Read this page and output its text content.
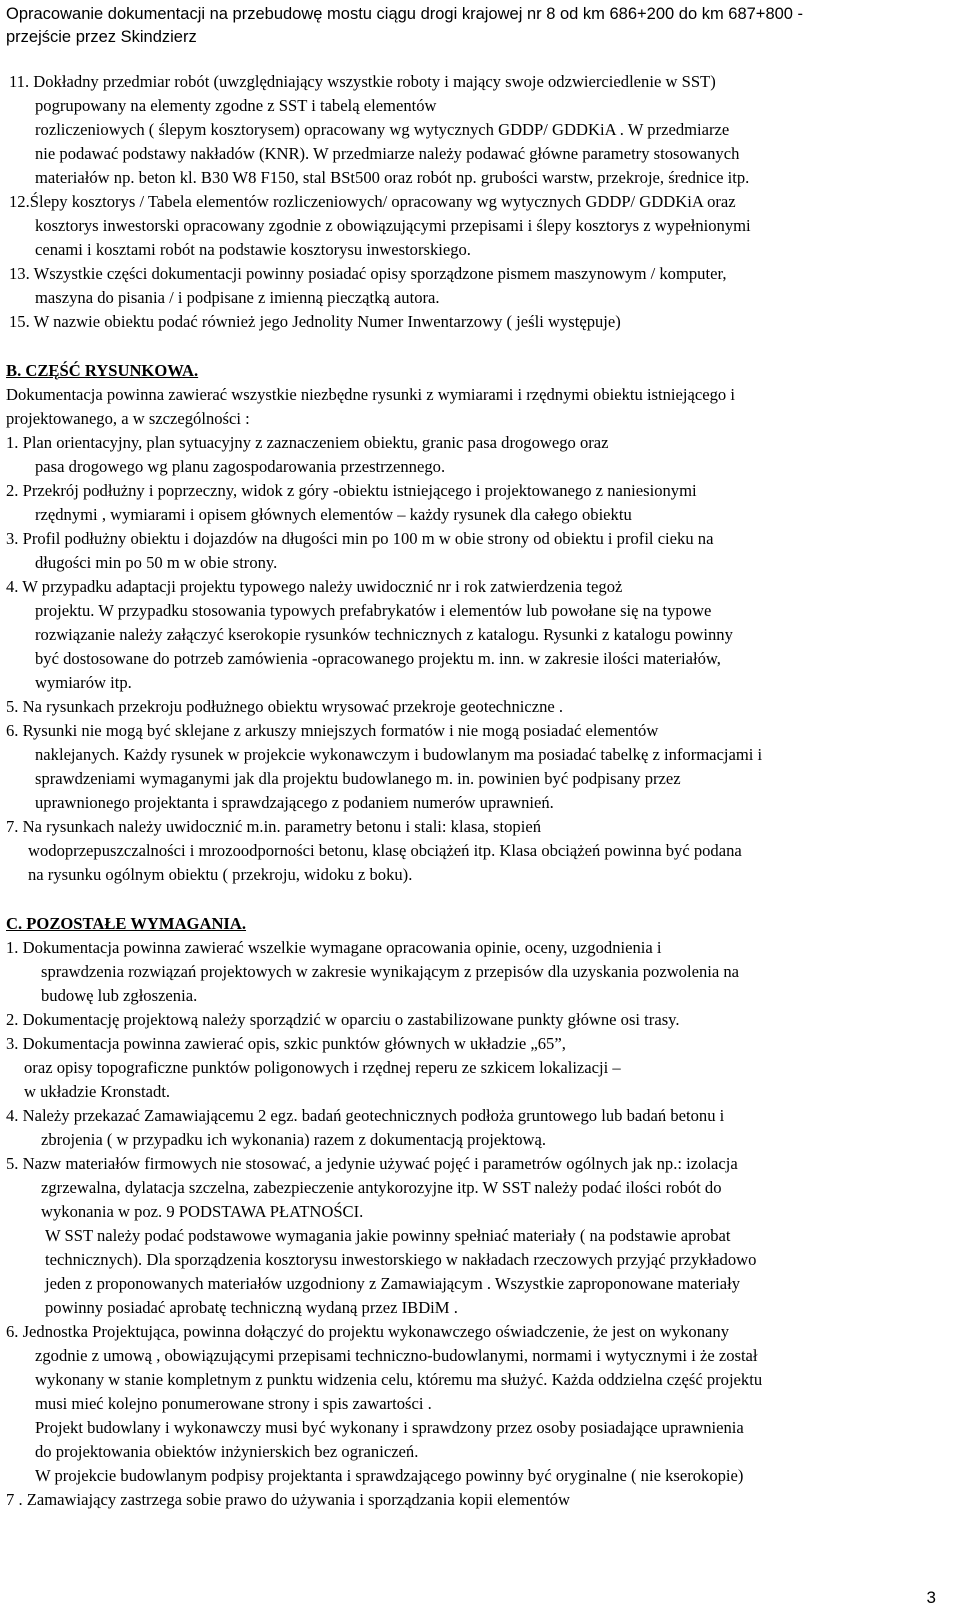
Opracowanie dokumentacji na przebudowę mostu ciągu drogi krajowej nr 8 od km 686+200 do km 687+800 -
przejście przez Skindzierz
11. Dokładny przedmiar robót (uwzględniający wszystkie roboty i mający swoje odzwierciedlenie w SST)
pogrupowany na elementy zgodne z SST i tabelą elementów
rozliczeniowych ( ślepym kosztorysem) opracowany wg wytycznych GDDP/ GDDKiA . W przedmiarze
nie podawać podstawy nakładów (KNR). W przedmiarze należy podawać główne parametry stosowanych
materiałów np. beton kl. B30 W8 F150, stal BSt500 oraz robót np. grubości warstw, przekroje, średnice itp.
12.Ślepy kosztorys / Tabela elementów rozliczeniowych/ opracowany wg wytycznych GDDP/ GDDKiA oraz
kosztorys inwestorski opracowany zgodnie z obowiązującymi przepisami i ślepy kosztorys z wypełnionymi
cenami i kosztami robót na podstawie kosztorysu inwestorskiego.
13. Wszystkie części dokumentacji powinny posiadać opisy sporządzone pismem maszynowym / komputer,
maszyna do pisania / i podpisane z imienną pieczątką autora.
15. W nazwie obiektu podać również jego Jednolity Numer Inwentarzowy ( jeśli występuje)
B. CZĘŚĆ RYSUNKOWA.
Dokumentacja powinna zawierać wszystkie niezbędne rysunki z wymiarami i rzędnymi obiektu istniejącego i
projektowanego, a w szczególności :
1. Plan orientacyjny, plan sytuacyjny z zaznaczeniem obiektu, granic pasa drogowego oraz
pasa drogowego wg planu zagospodarowania przestrzennego.
2. Przekrój podłużny i poprzeczny, widok z góry -obiektu istniejącego i projektowanego z naniesionymi
rzędnymi , wymiarami i opisem głównych elementów – każdy rysunek dla całego obiektu
3. Profil podłużny obiektu i dojazdów na długości min po 100 m w obie strony od obiektu i profil cieku na
długości min po 50 m w obie strony.
4. W przypadku adaptacji projektu typowego należy uwidocznić nr i rok zatwierdzenia tegoż
projektu. W przypadku stosowania typowych prefabrykatów i elementów lub powołane się na typowe
rozwiązanie należy załączyć kserokopie rysunków technicznych z katalogu. Rysunki z katalogu powinny
być dostosowane do potrzeb zamówienia -opracowanego projektu m. inn. w zakresie ilości materiałów,
wymiarów itp.
5. Na rysunkach przekroju podłużnego obiektu wrysować przekroje geotechniczne .
6. Rysunki nie mogą być sklejane z arkuszy mniejszych formatów i nie mogą posiadać elementów
naklejanych. Każdy rysunek w projekcie wykonawczym i budowlanym ma posiadać tabelkę z informacjami i
sprawdzeniami wymaganymi jak dla projektu budowlanego m. in. powinien być podpisany przez
uprawnionego projektanta i sprawdzającego z podaniem numerów uprawnień.
7. Na rysunkach należy uwidocznić m.in. parametry betonu i stali: klasa, stopień
wodoprzepuszczalności i mrozoodporności betonu, klasę obciążeń itp. Klasa obciążeń powinna być podana
na rysunku ogólnym obiektu ( przekroju, widoku z boku).
C. POZOSTAŁE WYMAGANIA.
1. Dokumentacja powinna zawierać wszelkie wymagane opracowania opinie, oceny, uzgodnienia i
sprawdzenia rozwiązań projektowych w zakresie wynikającym z przepisów dla uzyskania pozwolenia na
budowę lub zgłoszenia.
2. Dokumentację projektową należy sporządzić w oparciu o zastabilizowane punkty główne osi trasy.
3. Dokumentacja powinna zawierać opis, szkic punktów głównych w układzie „65”,
oraz opisy topograficzne punktów poligonowych i rzędnej reperu ze szkicem lokalizacji –
w układzie Kronstadt.
4. Należy przekazać Zamawiającemu 2 egz. badań geotechnicznych podłoża gruntowego lub badań betonu i
zbrojenia ( w przypadku ich wykonania) razem z dokumentacją projektową.
5. Nazw materiałów firmowych nie stosować, a jedynie używać pojęć i parametrów ogólnych jak np.: izolacja
zgrzewalna, dylatacja szczelna, zabezpieczenie antykorozyjne itp. W SST należy podać ilości robót do
wykonania w poz. 9 PODSTAWA PŁATNOŚCI.
W SST należy podać podstawowe wymagania jakie powinny spełniać materiały ( na podstawie aprobat
technicznych). Dla sporządzenia kosztorysu inwestorskiego w nakładach rzeczowych przyjąć przykładowo
jeden z proponowanych materiałów uzgodniony z Zamawiającym . Wszystkie zaproponowane materiały
powinny posiadać aprobatę techniczną wydaną przez IBDiM .
6. Jednostka Projektująca, powinna dołączyć do projektu wykonawczego oświadczenie, że jest on wykonany
zgodnie z umową , obowiązującymi przepisami techniczno-budowlanymi, normami i wytycznymi i że został
wykonany w stanie kompletnym z punktu widzenia celu, któremu ma służyć. Każda oddzielna część projektu
musi mieć kolejno ponumerowane strony i spis zawartości .
Projekt budowlany i wykonawczy musi być wykonany i sprawdzony przez osoby posiadające uprawnienia
do projektowania obiektów inżynierskich bez ograniczeń.
W projekcie budowlanym podpisy projektanta i sprawdzającego powinny być oryginalne ( nie kserokopie)
7 . Zamawiający zastrzega sobie prawo do używania i sporządzania kopii elementów
3
